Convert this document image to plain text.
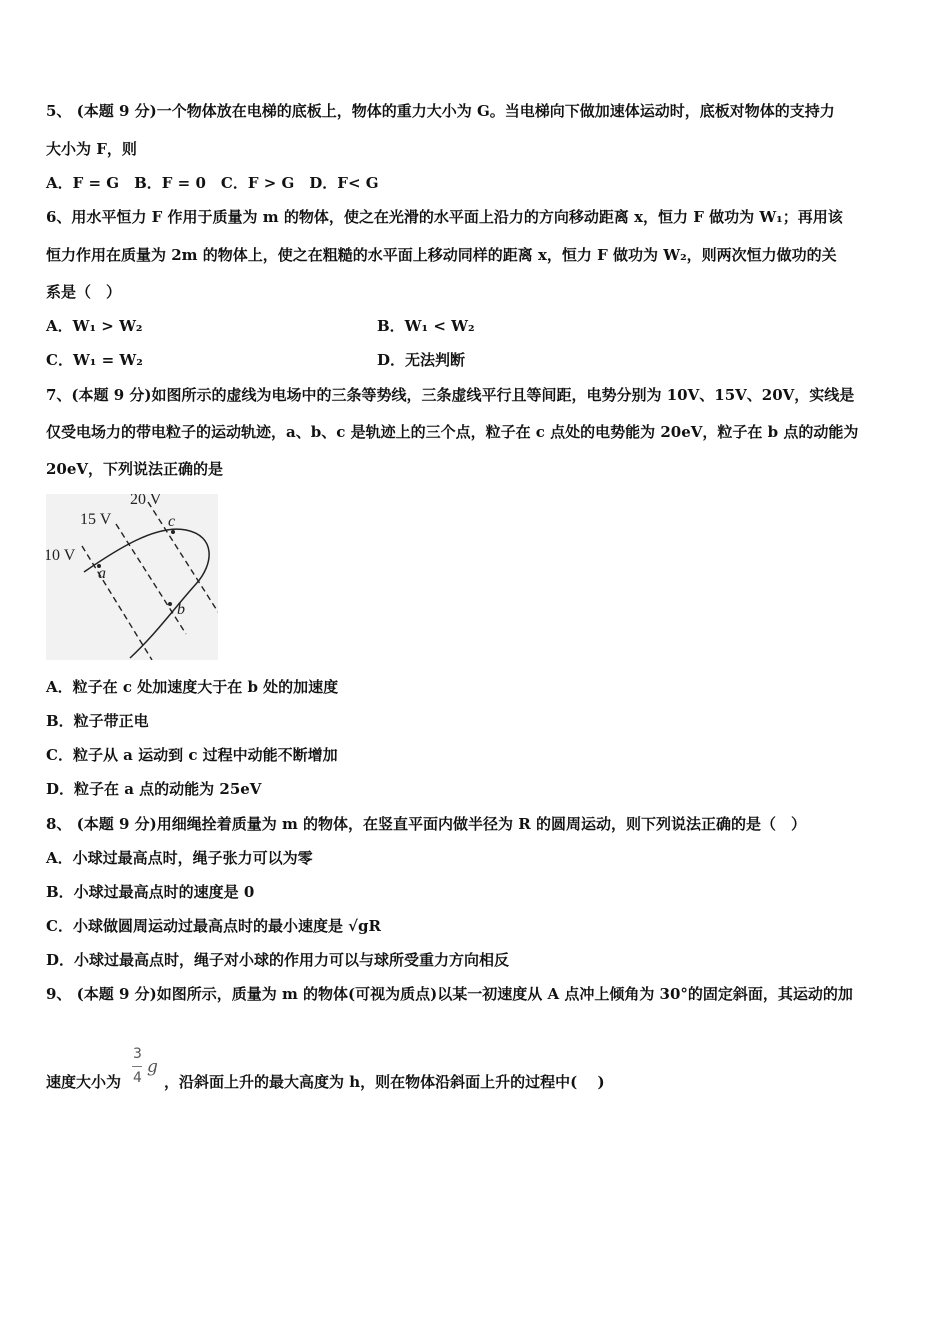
5、 (本题 9 分)一个物体放在电梯的底板上，物体的重力大小为 G。当电梯向下做加速体运动时，底板对物体的支持力
大小为 F，则
A．F = G　B．F = 0　C．F > G　D．F< G
6、用水平恒力 F 作用于质量为 m 的物体，使之在光滑的水平面上沿力的方向移动距离 x，恒力 F 做功为 W₁；再用该
恒力作用在质量为 2m 的物体上，使之在粗糙的水平面上移动同样的距离 x，恒力 F 做功为 W₂，则两次恒力做功的关
系是（　）
A．W₁ > W₂	B．W₁ < W₂
C．W₁ = W₂	D．无法判断
7、(本题 9 分)如图所示的虚线为电场中的三条等势线，三条虚线平行且等间距，电势分别为 10V、15V、20V，实线是
仅受电场力的带电粒子的运动轨迹，a、b、c 是轨迹上的三个点，粒子在 c 点处的电势能为 20eV，粒子在 b 点的动能为
20eV，下列说法正确的是
20 V
15 V
10 V
a
c
b
A．粒子在 c 处加速度大于在 b 处的加速度
B．粒子带正电
C．粒子从 a 运动到 c 过程中动能不断增加
D．粒子在 a 点的动能为 25eV
8、 (本题 9 分)用细绳拴着质量为 m 的物体，在竖直平面内做半径为 R 的圆周运动，则下列说法正确的是（　）
A．小球过最高点时，绳子张力可以为零
B．小球过最高点时的速度是 0
C．小球做圆周运动过最高点时的最小速度是 √gR
D．小球过最高点时，绳子对小球的作用力可以与球所受重力方向相反
9、 (本题 9 分)如图所示，质量为 m 的物体(可视为质点)以某一初速度从 A 点冲上倾角为 30°的固定斜面，其运动的加
速度大小为
3
4
g
，沿斜面上升的最大高度为 h，则在物体沿斜面上升的过程中(　 )
